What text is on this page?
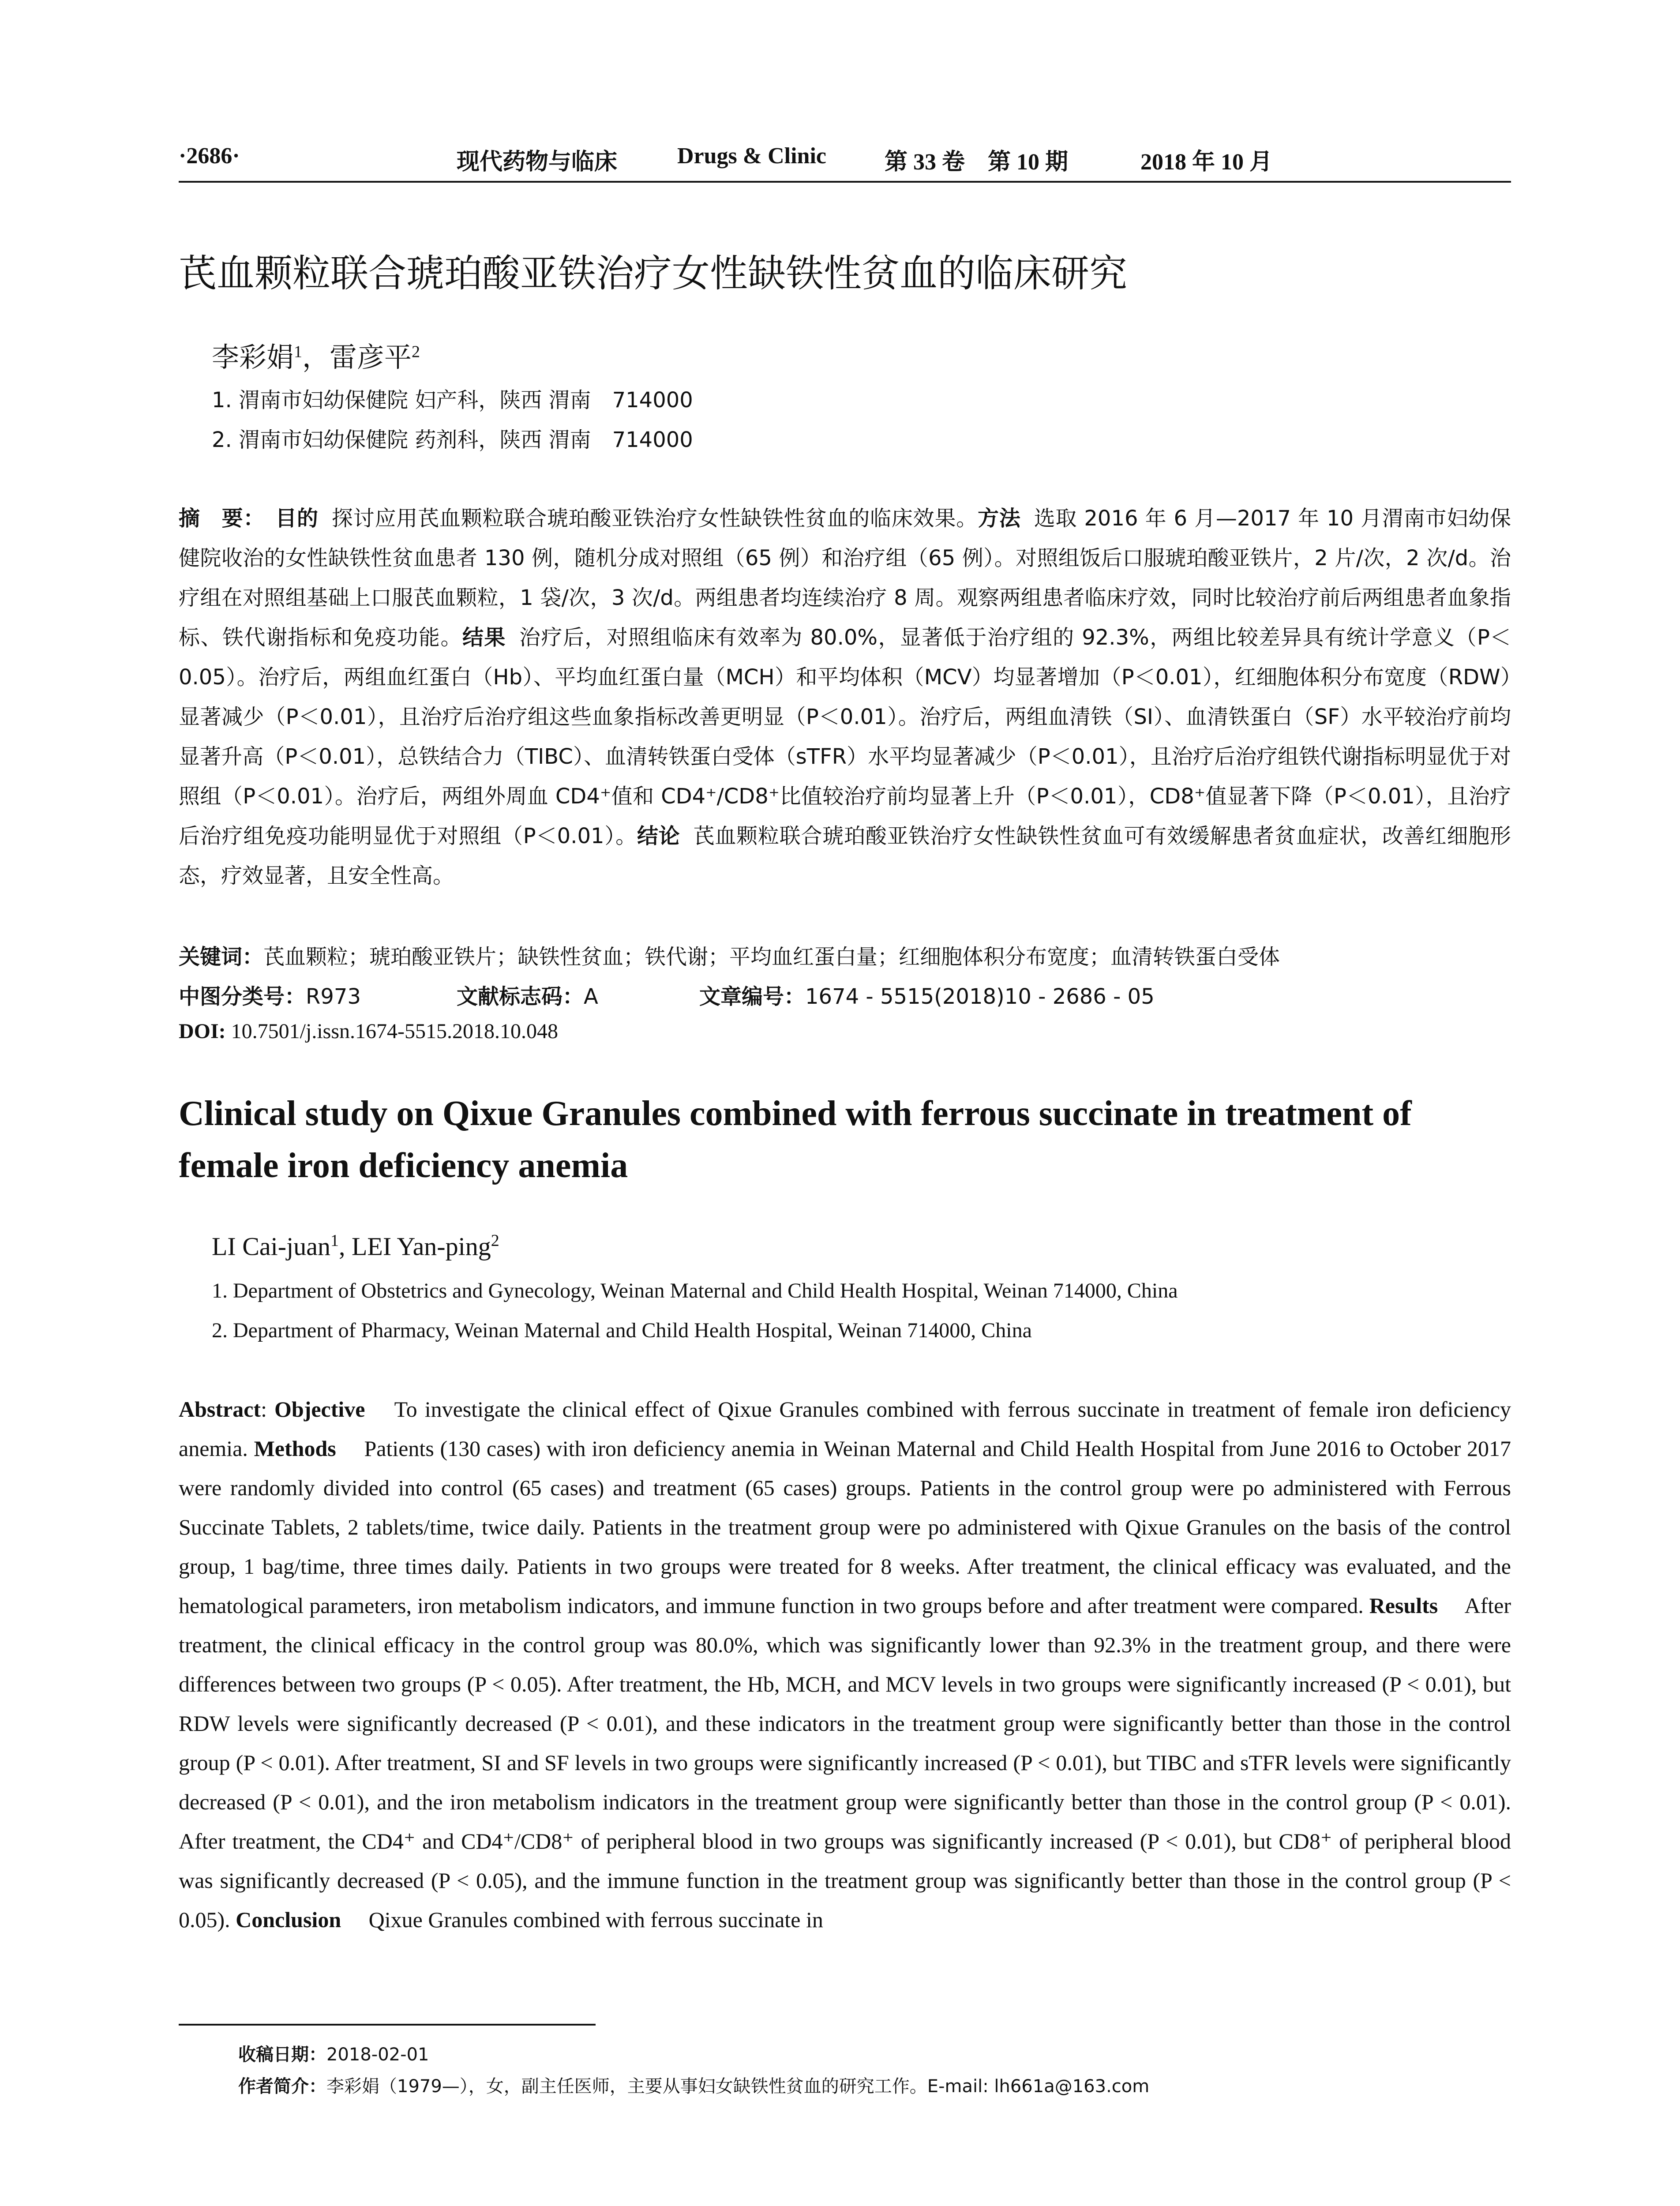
·2686·	现代药物与临床	Drugs & Clinic	第 33 卷　第 10 期	2018 年 10 月
芪血颗粒联合琥珀酸亚铁治疗女性缺铁性贫血的临床研究
李彩娟$^1$，雷彦平$^2$
1. 渭南市妇幼保健院 妇产科，陕西 渭南　714000
2. 渭南市妇幼保健院 药剂科，陕西 渭南　714000

摘　要： 目的 探讨应用芪血颗粒联合琥珀酸亚铁治疗女性缺铁性贫血的临床效果。方法 选取 2016 年 6 月—2017 年 10 月渭南市妇幼保健院收治的女性缺铁性贫血患者 130 例，随机分成对照组（65 例）和治疗组（65 例）。对照组饭后口服琥珀酸亚铁片，2 片/次，2 次/d。治疗组在对照组基础上口服芪血颗粒，1 袋/次，3 次/d。两组患者均连续治疗 8 周。观察两组患者临床疗效，同时比较治疗前后两组患者血象指标、铁代谢指标和免疫功能。结果 治疗后，对照组临床有效率为 80.0%，显著低于治疗组的 92.3%，两组比较差异具有统计学意义（P＜0.05）。治疗后，两组血红蛋白（Hb）、平均血红蛋白量（MCH）和平均体积（MCV）均显著增加（P＜0.01），红细胞体积分布宽度（RDW）显著减少（P＜0.01），且治疗后治疗组这些血象指标改善更明显（P＜0.01）。治疗后，两组血清铁（SI）、血清铁蛋白（SF）水平较治疗前均显著升高（P＜0.01），总铁结合力（TIBC）、血清转铁蛋白受体（sTFR）水平均显著减少（P＜0.01），且治疗后治疗组铁代谢指标明显优于对照组（P＜0.01）。治疗后，两组外周血 CD4⁺值和 CD4⁺/CD8⁺比值较治疗前均显著上升（P＜0.01），CD8⁺值显著下降（P＜0.01），且治疗后治疗组免疫功能明显优于对照组（P＜0.01）。结论 芪血颗粒联合琥珀酸亚铁治疗女性缺铁性贫血可有效缓解患者贫血症状，改善红细胞形态，疗效显著，且安全性高。

关键词：芪血颗粒；琥珀酸亚铁片；缺铁性贫血；铁代谢；平均血红蛋白量；红细胞体积分布宽度；血清转铁蛋白受体
中图分类号：R973	文献标志码：A	文章编号：1674 - 5515(2018)10 - 2686 - 05
DOI: 10.7501/j.issn.1674-5515.2018.10.048
Clinical study on Qixue Granules combined with ferrous succinate in treatment of female iron deficiency anemia
LI Cai-juan$^1$, LEI Yan-ping$^2$
1. Department of Obstetrics and Gynecology, Weinan Maternal and Child Health Hospital, Weinan 714000, China
2. Department of Pharmacy, Weinan Maternal and Child Health Hospital, Weinan 714000, China

Abstract: Objective  To investigate the clinical effect of Qixue Granules combined with ferrous succinate in treatment of female iron deficiency anemia. Methods  Patients (130 cases) with iron deficiency anemia in Weinan Maternal and Child Health Hospital from June 2016 to October 2017 were randomly divided into control (65 cases) and treatment (65 cases) groups. Patients in the control group were po administered with Ferrous Succinate Tablets, 2 tablets/time, twice daily. Patients in the treatment group were po administered with Qixue Granules on the basis of the control group, 1 bag/time, three times daily. Patients in two groups were treated for 8 weeks. After treatment, the clinical efficacy was evaluated, and the hematological parameters, iron metabolism indicators, and immune function in two groups before and after treatment were compared. Results  After treatment, the clinical efficacy in the control group was 80.0%, which was significantly lower than 92.3% in the treatment group, and there were differences between two groups (P < 0.05). After treatment, the Hb, MCH, and MCV levels in two groups were significantly increased (P < 0.01), but RDW levels were significantly decreased (P < 0.01), and these indicators in the treatment group were significantly better than those in the control group (P < 0.01). After treatment, SI and SF levels in two groups were significantly increased (P < 0.01), but TIBC and sTFR levels were significantly decreased (P < 0.01), and the iron metabolism indicators in the treatment group were significantly better than those in the control group (P < 0.01). After treatment, the CD4⁺ and CD4⁺/CD8⁺ of peripheral blood in two groups was significantly increased (P < 0.01), but CD8⁺ of peripheral blood was significantly decreased (P < 0.05), and the immune function in the treatment group was significantly better than those in the control group (P < 0.05). Conclusion  Qixue Granules combined with ferrous succinate in

收稿日期：2018-02-01
作者简介：李彩娟（1979—），女，副主任医师，主要从事妇女缺铁性贫血的研究工作。E-mail: lh661a@163.com
